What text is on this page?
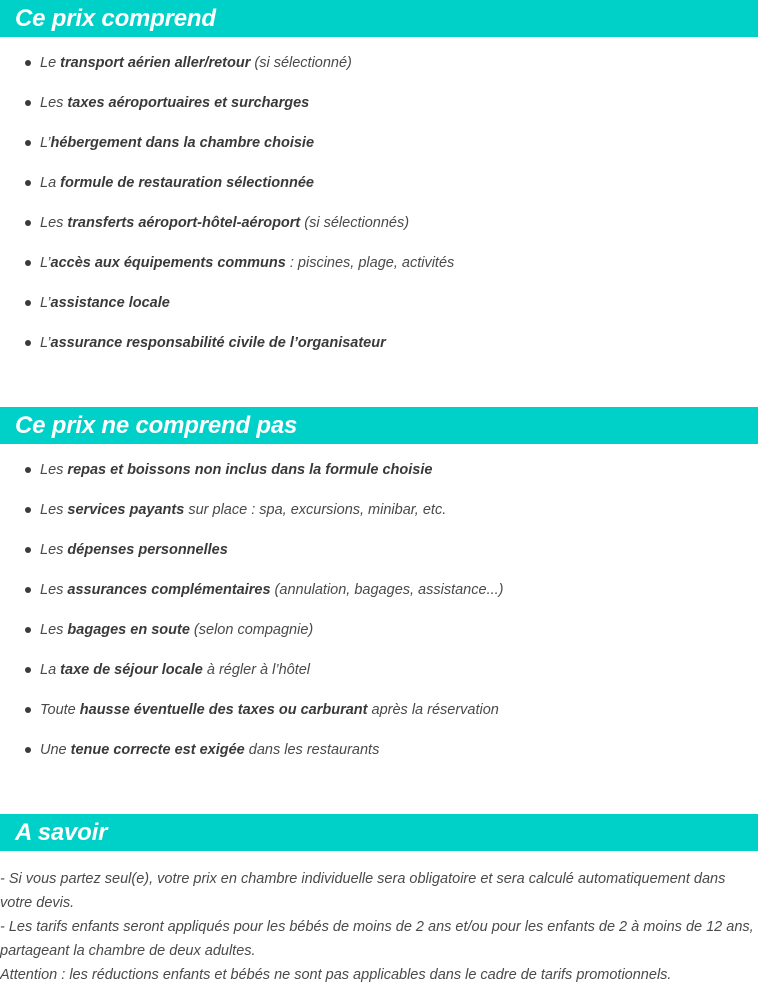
Ce prix comprend
Le transport aérien aller/retour (si sélectionné)
Les taxes aéroportuaires et surcharges
L’hébergement dans la chambre choisie
La formule de restauration sélectionnée
Les transferts aéroport-hôtel-aéroport (si sélectionnés)
L’accès aux équipements communs : piscines, plage, activités
L’assistance locale
L’assurance responsabilité civile de l’organisateur
Ce prix ne comprend pas
Les repas et boissons non inclus dans la formule choisie
Les services payants sur place : spa, excursions, minibar, etc.
Les dépenses personnelles
Les assurances complémentaires (annulation, bagages, assistance...)
Les bagages en soute (selon compagnie)
La taxe de séjour locale à régler à l’hôtel
Toute hausse éventuelle des taxes ou carburant après la réservation
Une tenue correcte est exigée dans les restaurants
A savoir

- Si vous partez seul(e), votre prix en chambre individuelle sera obligatoire et sera calculé automatiquement dans votre devis.

- Les tarifs enfants seront appliqués pour les bébés de moins de 2 ans et/ou pour les enfants de 2 à moins de 12 ans, partageant la chambre de deux adultes.

Attention : les réductions enfants et bébés ne sont pas applicables dans le cadre de tarifs promotionnels.
